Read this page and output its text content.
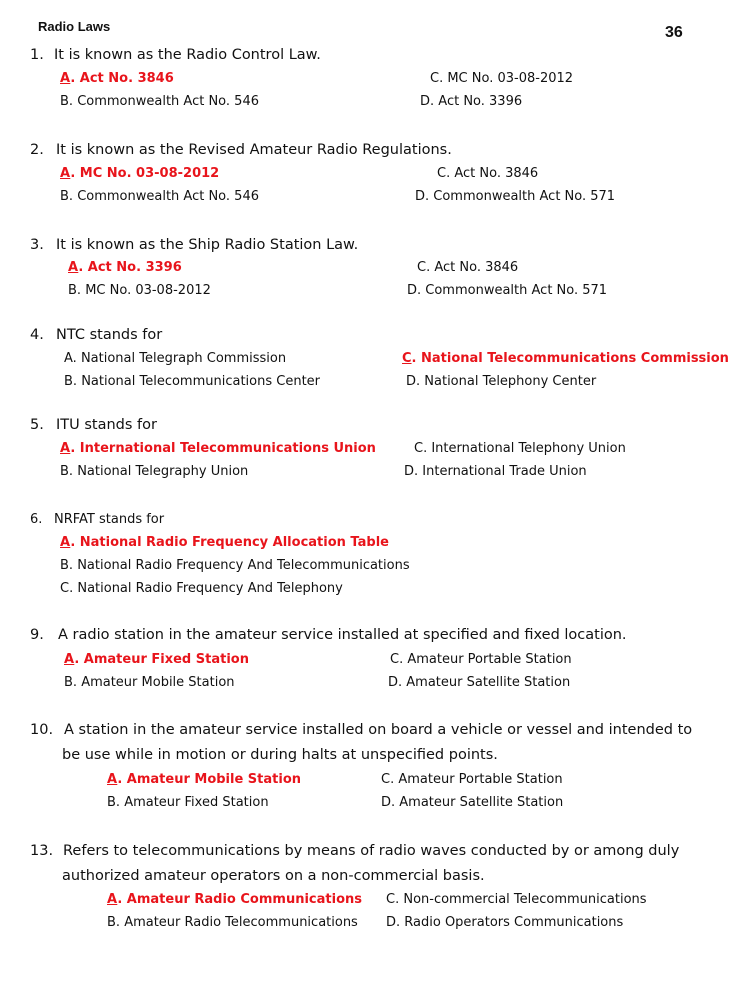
Radio Laws	36
1. It is known as the Radio Control Law.
A. Act No. 3846
B. Commonwealth Act No. 546
C. MC No. 03-08-2012
D. Act No. 3396
2. It is known as the Revised Amateur Radio Regulations.
A. MC No. 03-08-2012
B. Commonwealth Act No. 546
C. Act No. 3846
D. Commonwealth Act No. 571
3. It is known as the Ship Radio Station Law.
A. Act No. 3396
B. MC No. 03-08-2012
C. Act No. 3846
D. Commonwealth Act No. 571
4. NTC stands for
A. National Telegraph Commission
B. National Telecommunications Center
C. National Telecommunications Commission
D. National Telephony Center
5. ITU stands for
A. International Telecommunications Union
B. National Telegraphy Union
C. International Telephony Union
D. International Trade Union
6. NRFAT stands for
A. National Radio Frequency Allocation Table
B. National Radio Frequency And Telecommunications
C. National Radio Frequency And Telephony
9. A radio station in the amateur service installed at specified and fixed location.
A. Amateur Fixed Station
B. Amateur Mobile Station
C. Amateur Portable Station
D. Amateur Satellite Station
10. A station in the amateur service installed on board a vehicle or vessel and intended to
be use while in motion or during halts at unspecified points.
A. Amateur Mobile Station
B. Amateur Fixed Station
C. Amateur Portable Station
D. Amateur Satellite Station
13. Refers to telecommunications by means of radio waves conducted by or among duly
authorized amateur operators on a non-commercial basis.
A. Amateur Radio Communications
B. Amateur Radio Telecommunications
C. Non-commercial Telecommunications
D. Radio Operators Communications
